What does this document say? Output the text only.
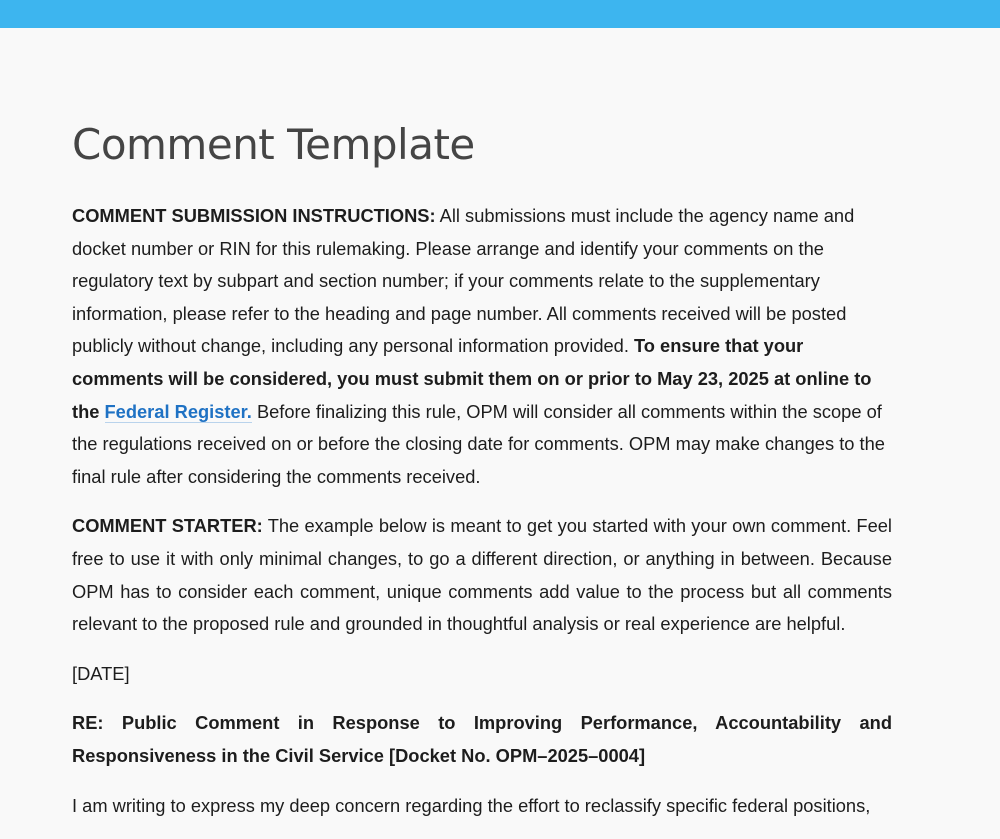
Comment Template

COMMENT SUBMISSION INSTRUCTIONS: All submissions must include the agency name and docket number or RIN for this rulemaking. Please arrange and identify your comments on the regulatory text by subpart and section number; if your comments relate to the supplementary information, please refer to the heading and page number. All comments received will be posted publicly without change, including any personal information provided. To ensure that your comments will be considered, you must submit them on or prior to May 23, 2025 at online to the Federal Register. Before finalizing this rule, OPM will consider all comments within the scope of the regulations received on or before the closing date for comments. OPM may make changes to the final rule after considering the comments received.

COMMENT STARTER: The example below is meant to get you started with your own comment. Feel free to use it with only minimal changes, to go a different direction, or anything in between. Because OPM has to consider each comment, unique comments add value to the process but all comments relevant to the proposed rule and grounded in thoughtful analysis or real experience are helpful.

[DATE]

RE: Public Comment in Response to Improving Performance, Accountability and Responsiveness in the Civil Service [Docket No. OPM–2025–0004]

I am writing to express my deep concern regarding the effort to reclassify specific federal positions,
